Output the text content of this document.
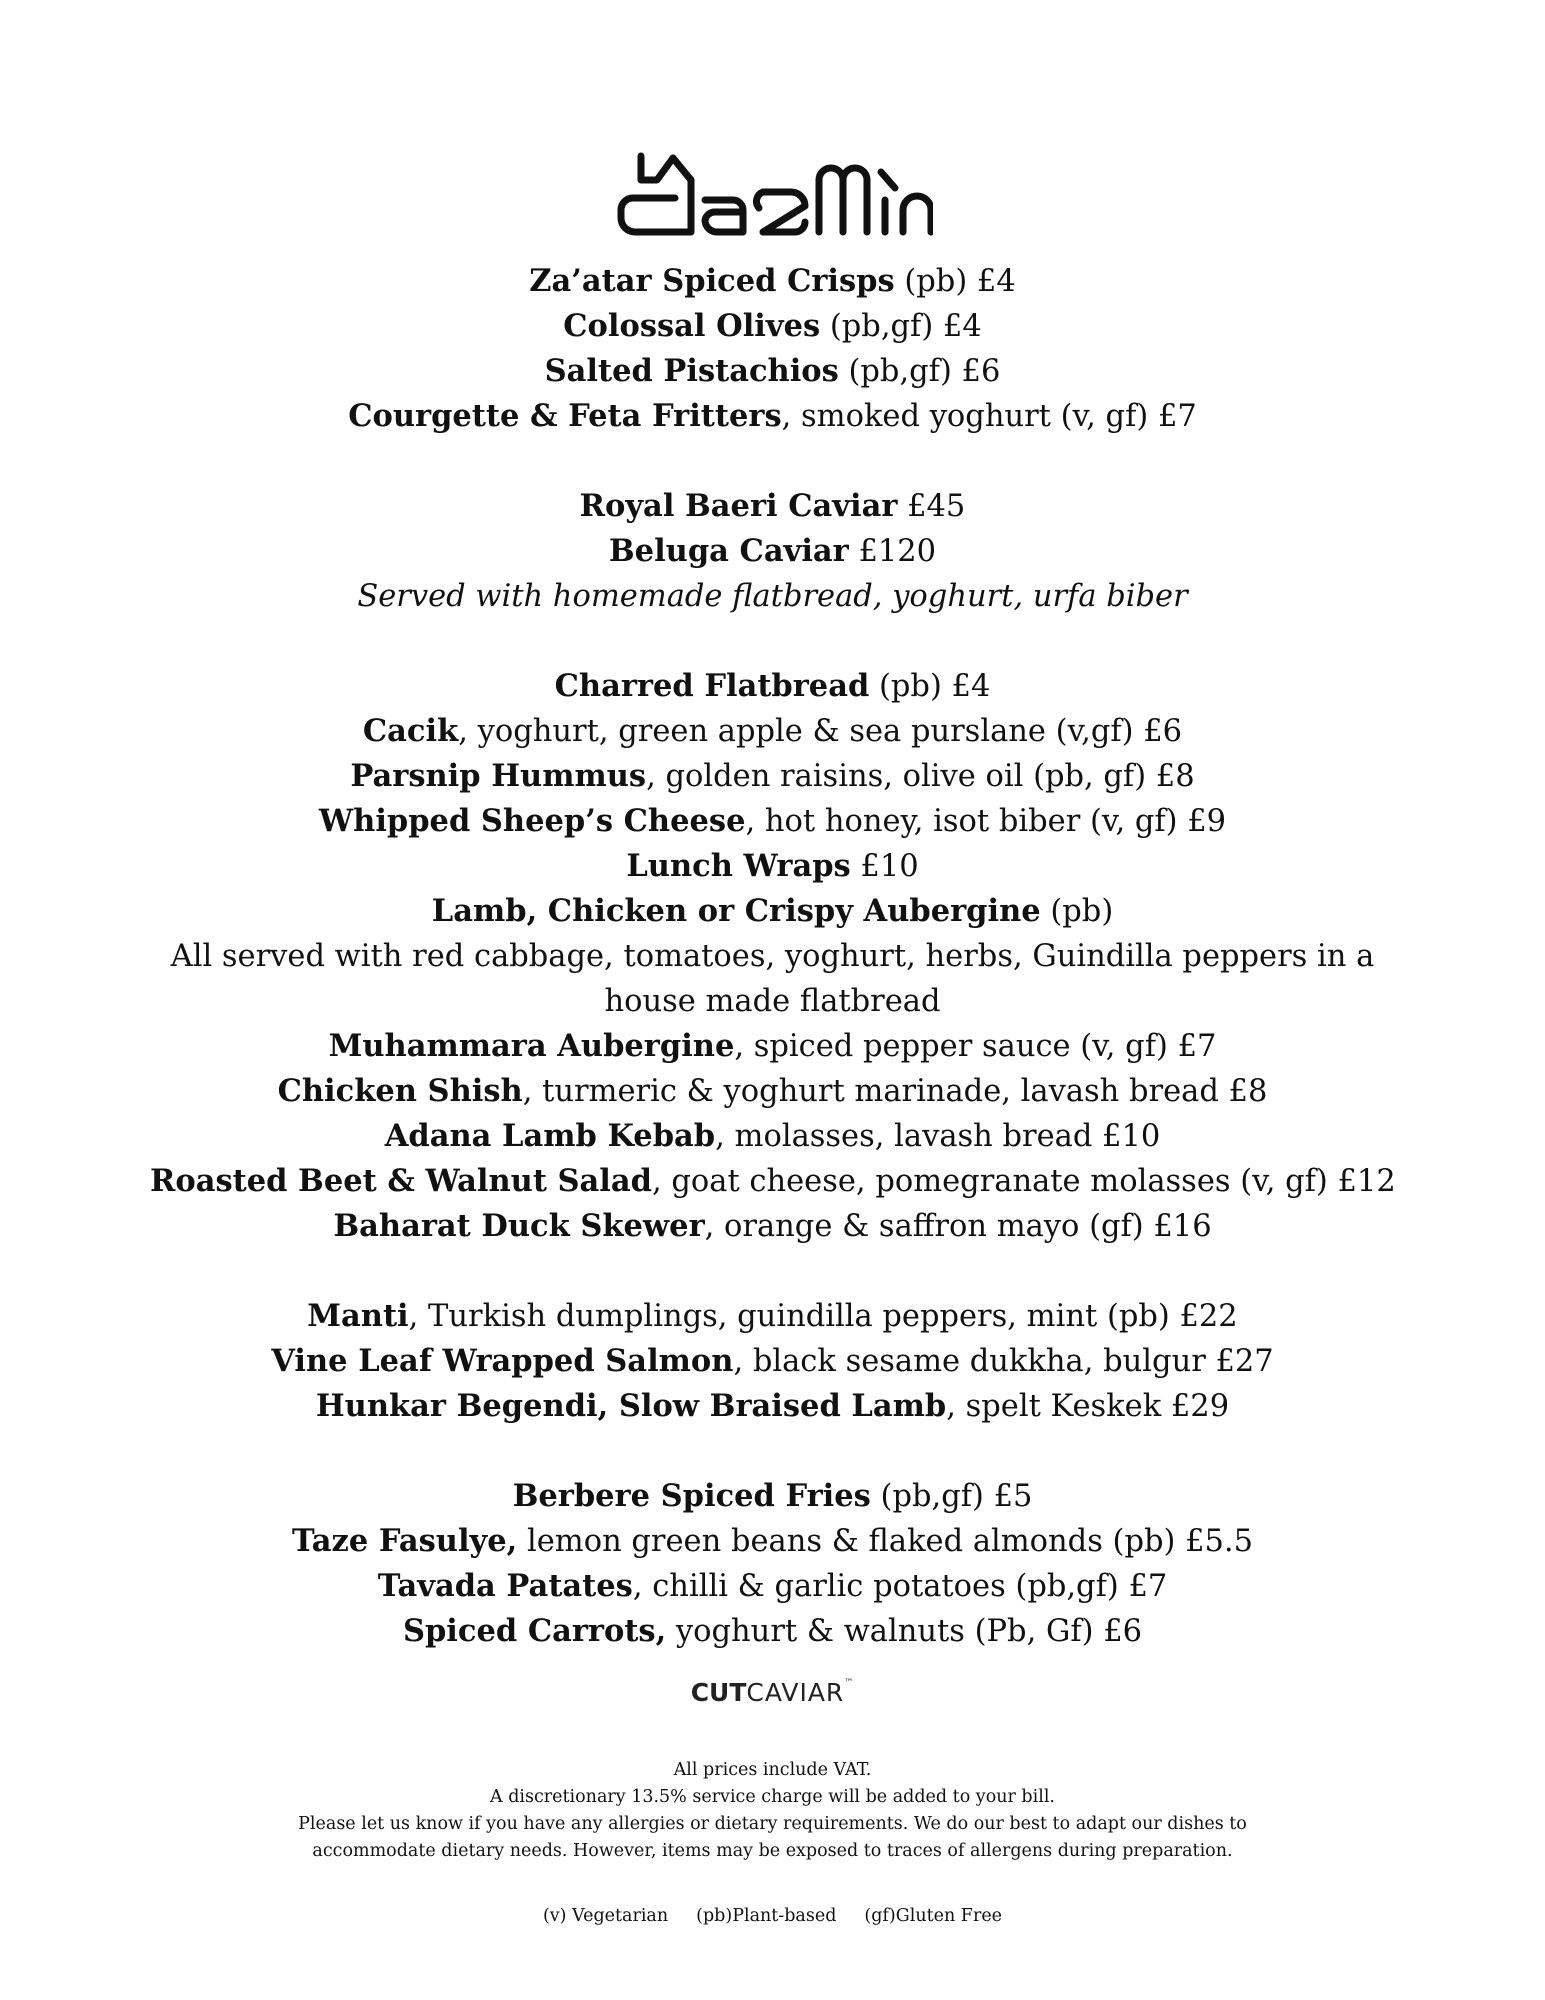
Za’atar Spiced Crisps (pb) £4
Colossal Olives (pb,gf) £4
Salted Pistachios (pb,gf) £6
Courgette & Feta Fritters, smoked yoghurt (v, gf) £7
Royal Baeri Caviar £45
Beluga Caviar £120
Served with homemade flatbread, yoghurt, urfa biber
Charred Flatbread (pb) £4
Cacik, yoghurt, green apple & sea purslane (v,gf) £6
Parsnip Hummus, golden raisins, olive oil (pb, gf) £8
Whipped Sheep’s Cheese, hot honey, isot biber (v, gf) £9
Lunch Wraps £10
Lamb, Chicken or Crispy Aubergine (pb)
All served with red cabbage, tomatoes, yoghurt, herbs, Guindilla peppers in a house made flatbread
Muhammara Aubergine, spiced pepper sauce (v, gf) £7
Chicken Shish, turmeric & yoghurt marinade, lavash bread £8
Adana Lamb Kebab, molasses, lavash bread £10
Roasted Beet & Walnut Salad, goat cheese, pomegranate molasses (v, gf) £12
Baharat Duck Skewer, orange & saffron mayo (gf) £16
Manti, Turkish dumplings, guindilla peppers, mint (pb) £22
Vine Leaf Wrapped Salmon, black sesame dukkha, bulgur £27
Hunkar Begendi, Slow Braised Lamb, spelt Keskek £29
Berbere Spiced Fries (pb,gf) £5
Taze Fasulye, lemon green beans & flaked almonds (pb) £5.5
Tavada Patates, chilli & garlic potatoes (pb,gf) £7
Spiced Carrots, yoghurt & walnuts (Pb, Gf) £6
CUTCAVIAR™
All prices include VAT.
A discretionary 13.5% service charge will be added to your bill.
Please let us know if you have any allergies or dietary requirements. We do our best to adapt our dishes to
accommodate dietary needs. However, items may be exposed to traces of allergens during preparation.
(v) Vegetarian (pb)Plant-based (gf)Gluten Free
